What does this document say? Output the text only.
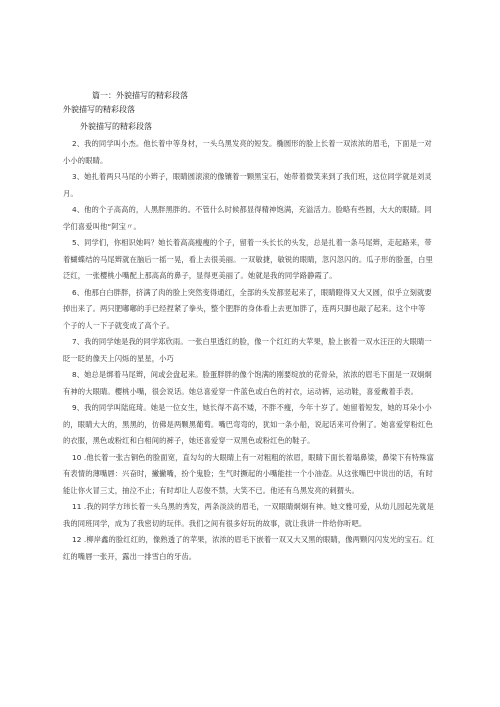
篇一：外貌描写的精彩段落
外貌描写的精彩段落
外貌描写的精彩段落

2、我的同学叫小杰。他长着中等身材，一头乌黑发亮的短发。椭圆形的脸上长着一双浓浓的眉毛，下面是一对小小的眼睛。

3、她扎着两只马尾的小辫子，眼睛圆滚滚的像镶着一颗黑宝石，她带着微笑来到了我们班，这位同学就是刘灵月。

4、他的个子高高的，人黑胖黑胖的。不管什么时候都显得精神饱满，充溢活力。脸略有些圆，大大的眼睛。同学们喜爱叫他“阿宝〃。

5、同学们，你相识她吗？她长着高高瘦瘦的个子，留着一头长长的头发，总是扎着一条马尾辫，走起路来，带着蝴蝶结的马尾辫就在脑后一摇一晃，看上去很美丽。一双敏捷，敏锐的眼睛，忽闪忽闪的。瓜子形的脸蛋，白里泛红，一张樱桃小嘴配上那高高的鼻子，显得更美丽了。她就是我的同学路静霞了。

6、他那白白胖胖，挤满了肉的脸上突然变得通红，全部的头发都竖起来了，眼睛瞪得又大又圆，似乎立刻就要掉出来了。两只肥嘟嘟的手已经捏紧了拳头，整个肥胖的身体看上去更加胖了，连两只脚也敲了起来。这个中等

个子的人一下子就变成了高个子。

7、我的同学她是我的同学郑欣雨。一张白里透红的脸，像一个红红的大苹果，脸上嵌着一双水汪汪的大眼睛一眨一眨的像天上闪烁的星星，小巧

8、她总是绑着马尾辫，间或会盘起来。脸蛋胖胖的像个饱满的刚要绽放的花骨朵，浓浓的眉毛下面是一双炯炯有神的大眼睛。樱桃小嘴，很会说话。她总喜爱穿一件蓝色或白色的衬衣，运动裤，运动鞋，喜爱戴着手表。

9、我的同学叫陆庭琦。她是一位女生，她长得不高不矮，不胖不瘦，今年十岁了。她留着短发，她的耳朵小小的，眼睛大大的，黑黑的，仿佛是两颗黑葡萄。嘴巴弯弯的，犹如一条小船，说起话来可伶俐了。她喜爱穿粉红色的衣服，黑色或粉红和白相间的裤子，她还喜爱穿一双黑色或粉红色的鞋子。

10 .他长着一张古铜色的脸面宽，直勾勾的大眼睛上有一对粗粗的浓眉，眼睛下面长着塌鼻梁，鼻梁下有特殊富有表情的薄嘴唇：兴奋时，撇撇嘴，扮个鬼脸；生气时撅起的小嘴能挂一个小油壶。从这张嘴巴中说出的话，有时能让你火冒三丈，抽泣不止；有时却让人忍俊不禁，大笑不已。他还有乌黑发亮的刺猬头。

11 .我的同学方玮长着一头乌黑的秀发，两条淡淡的眉毛，一双眼睛炯炯有神。她文雅可爱，从幼儿园起先就是我的同班同学，成为了我密切的玩伴。我们之间有很多好玩的故事，就让我讲一件给你听吧。

12 .柳岸鑫的脸红红的，像熟透了的苹果，浓浓的眉毛下嵌着一双又大又黑的眼睛，像两颗闪闪发光的宝石。红红的嘴唇一张开，露出一排雪白的牙齿。
